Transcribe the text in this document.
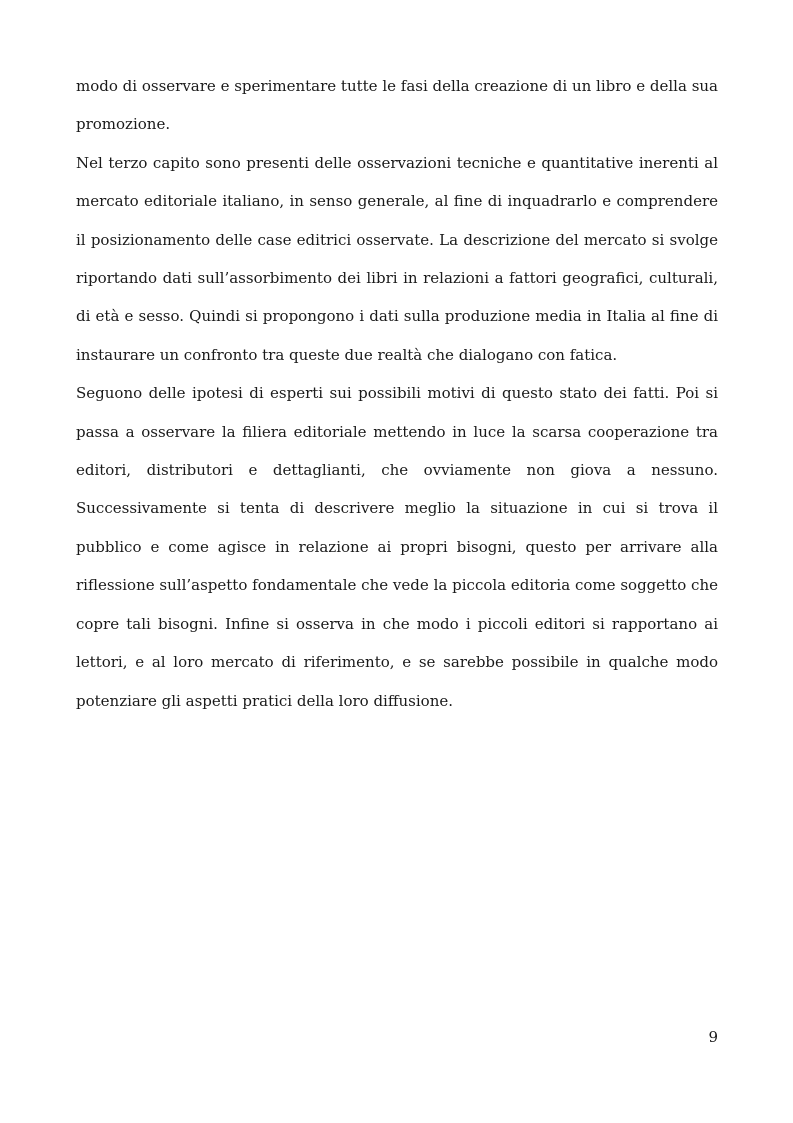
modo di osservare e sperimentare tutte le fasi della creazione di un libro e della sua promozione.

Nel terzo capito sono presenti delle osservazioni tecniche e quantitative inerenti al mercato editoriale italiano, in senso generale, al fine di inquadrarlo e comprendere il posizionamento delle case editrici osservate. La descrizione del mercato si svolge riportando dati sull’assorbimento dei libri in relazioni a fattori geografici, culturali, di età e sesso. Quindi si propongono i dati sulla produzione media in Italia al fine di instaurare un confronto tra queste due realtà che dialogano con fatica.

Seguono delle ipotesi di esperti sui possibili motivi di questo stato dei fatti. Poi si passa a osservare la filiera editoriale mettendo in luce la scarsa cooperazione tra editori, distributori e dettaglianti, che ovviamente non giova a nessuno. Successivamente si tenta di descrivere meglio la situazione in cui si trova il pubblico e come agisce in relazione ai propri bisogni, questo per arrivare alla riflessione sull’aspetto fondamentale che vede la piccola editoria come soggetto che copre tali bisogni. Infine si osserva in che modo i piccoli editori si rapportano ai lettori, e al loro mercato di riferimento, e se sarebbe possibile in qualche modo potenziare gli aspetti pratici della loro diffusione.

9
